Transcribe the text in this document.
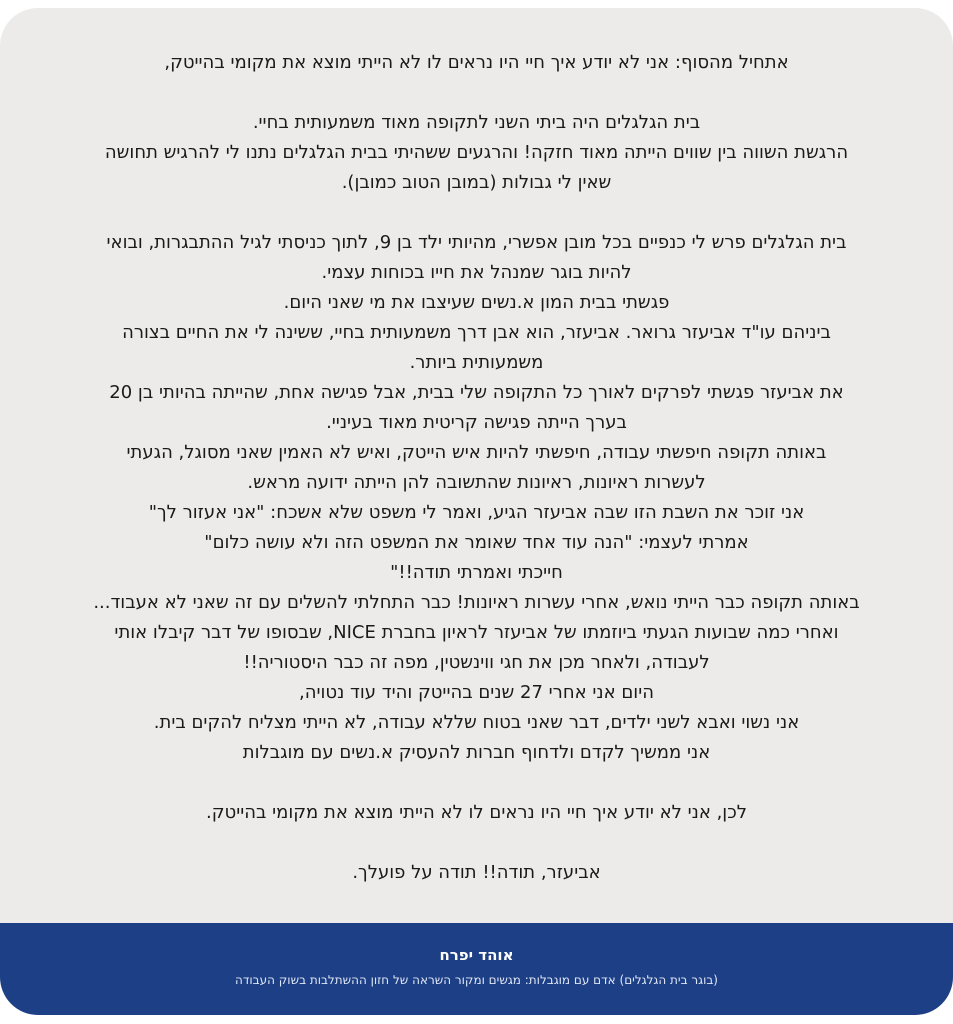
אתחיל מהסוף: אני לא יודע איך חיי היו נראים לו לא הייתי מוצא את מקומי בהייטק,
בית הגלגלים היה ביתי השני לתקופה מאוד משמעותית בחיי.
הרגשת השווה בין שווים הייתה מאוד חזקה! והרגעים ששהיתי בבית הגלגלים נתנו לי להרגיש תחושה
שאין לי גבולות (במובן הטוב כמובן).
בית הגלגלים פרש לי כנפיים בכל מובן אפשרי, מהיותי ילד בן 9, לתוך כניסתי לגיל ההתבגרות, ובואי
להיות בוגר שמנהל את חייו בכוחות עצמי.
פגשתי בבית המון א.נשים שעיצבו את מי שאני היום.
ביניהם עו"ד אביעזר גרואר. אביעזר, הוא אבן דרך משמעותית בחיי, ששינה לי את החיים בצורה
משמעותית ביותר.
את אביעזר פגשתי לפרקים לאורך כל התקופה שלי בבית, אבל פגישה אחת, שהייתה בהיותי בן 20
בערך הייתה פגישה קריטית מאוד בעיניי.
באותה תקופה חיפשתי עבודה, חיפשתי להיות איש הייטק, ואיש לא האמין שאני מסוגל, הגעתי
לעשרות ראיונות, ראיונות שהתשובה להן הייתה ידועה מראש.
אני זוכר את השבת הזו שבה אביעזר הגיע, ואמר לי משפט שלא אשכח: "אני אעזור לך"
אמרתי לעצמי: "הנה עוד אחד שאומר את המשפט הזה ולא עושה כלום"
חייכתי ואמרתי תודה!!"
באותה תקופה כבר הייתי נואש, אחרי עשרות ראיונות! כבר התחלתי להשלים עם זה שאני לא אעבוד...
ואחרי כמה שבועות הגעתי ביוזמתו של אביעזר לראיון בחברת NICE, שבסופו של דבר קיבלו אותי
לעבודה, ולאחר מכן את חגי ווינשטין, מפה זה כבר היסטוריה!!
היום אני אחרי 27 שנים בהייטק והיד עוד נטויה,
אני נשוי ואבא לשני ילדים, דבר שאני בטוח שללא עבודה, לא הייתי מצליח להקים בית.
אני ממשיך לקדם ולדחוף חברות להעסיק א.נשים עם מוגבלות
לכן, אני לא יודע איך חיי היו נראים לו לא הייתי מוצא את מקומי בהייטק.
אביעזר, תודה!! תודה על פועלך.
אוהד יפרח
(בוגר בית הגלגלים) אדם עם מוגבלות: מגשים ומקור השראה של חזון ההשתלבות בשוק העבודה
